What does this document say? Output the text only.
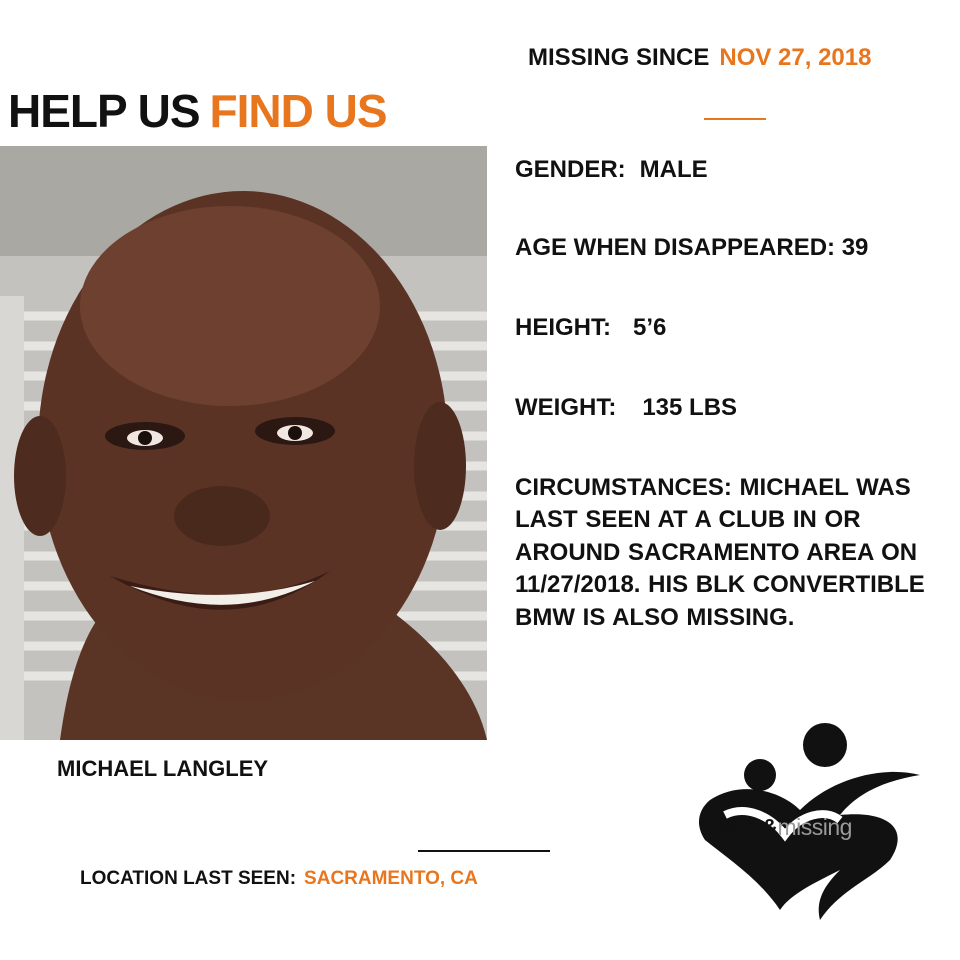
HELP US FIND US
MISSING SINCE NOV 27, 2018
GENDER: MALE
AGE WHEN DISAPPEARED: 39
HEIGHT: 5’6
WEIGHT: 135 LBS
CIRCUMSTANCES: MICHAEL WAS LAST SEEN AT A CLUB IN OR AROUND SACRAMENTO AREA ON 11/27/2018. HIS BLK CONVERTIBLE BMW IS ALSO MISSING.
MICHAEL LANGLEY
LOCATION LAST SEEN: SACRAMENTO, CA
black&missing
